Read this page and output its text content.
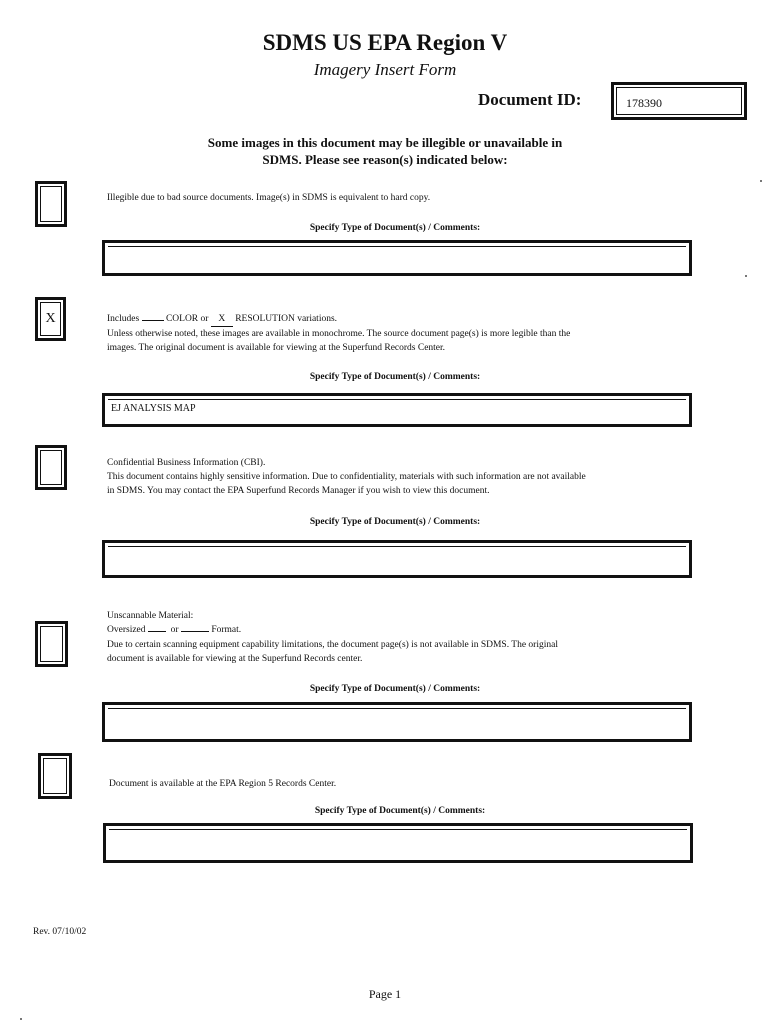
SDMS US EPA Region V
Imagery Insert Form
Document ID:	178390
Some images in this document may be illegible or unavailable in
SDMS. Please see reason(s) indicated below:
Illegible due to bad source documents. Image(s) in SDMS is equivalent to hard copy.
Specify Type of Document(s) / Comments:
X	Includes	COLOR or X RESOLUTION variations.
Unless otherwise noted, these images are available in monochrome. The source document page(s) is more legible than the
images. The original document is available for viewing at the Superfund Records Center.
Specify Type of Document(s) / Comments:
EJ ANALYSIS MAP
Confidential Business Information (CBI).
This document contains highly sensitive information. Due to confidentiality, materials with such information are not available
in SDMS. You may contact the EPA Superfund Records Manager if you wish to view this document.
Specify Type of Document(s) / Comments:
Unscannable Material:
Oversized	or	Format.
Due to certain scanning equipment capability limitations, the document page(s) is not available in SDMS. The original
document is available for viewing at the Superfund Records center.
Specify Type of Document(s) / Comments:
Document is available at the EPA Region 5 Records Center.
Specify Type of Document(s) / Comments:
Rev. 07/10/02
Page 1
